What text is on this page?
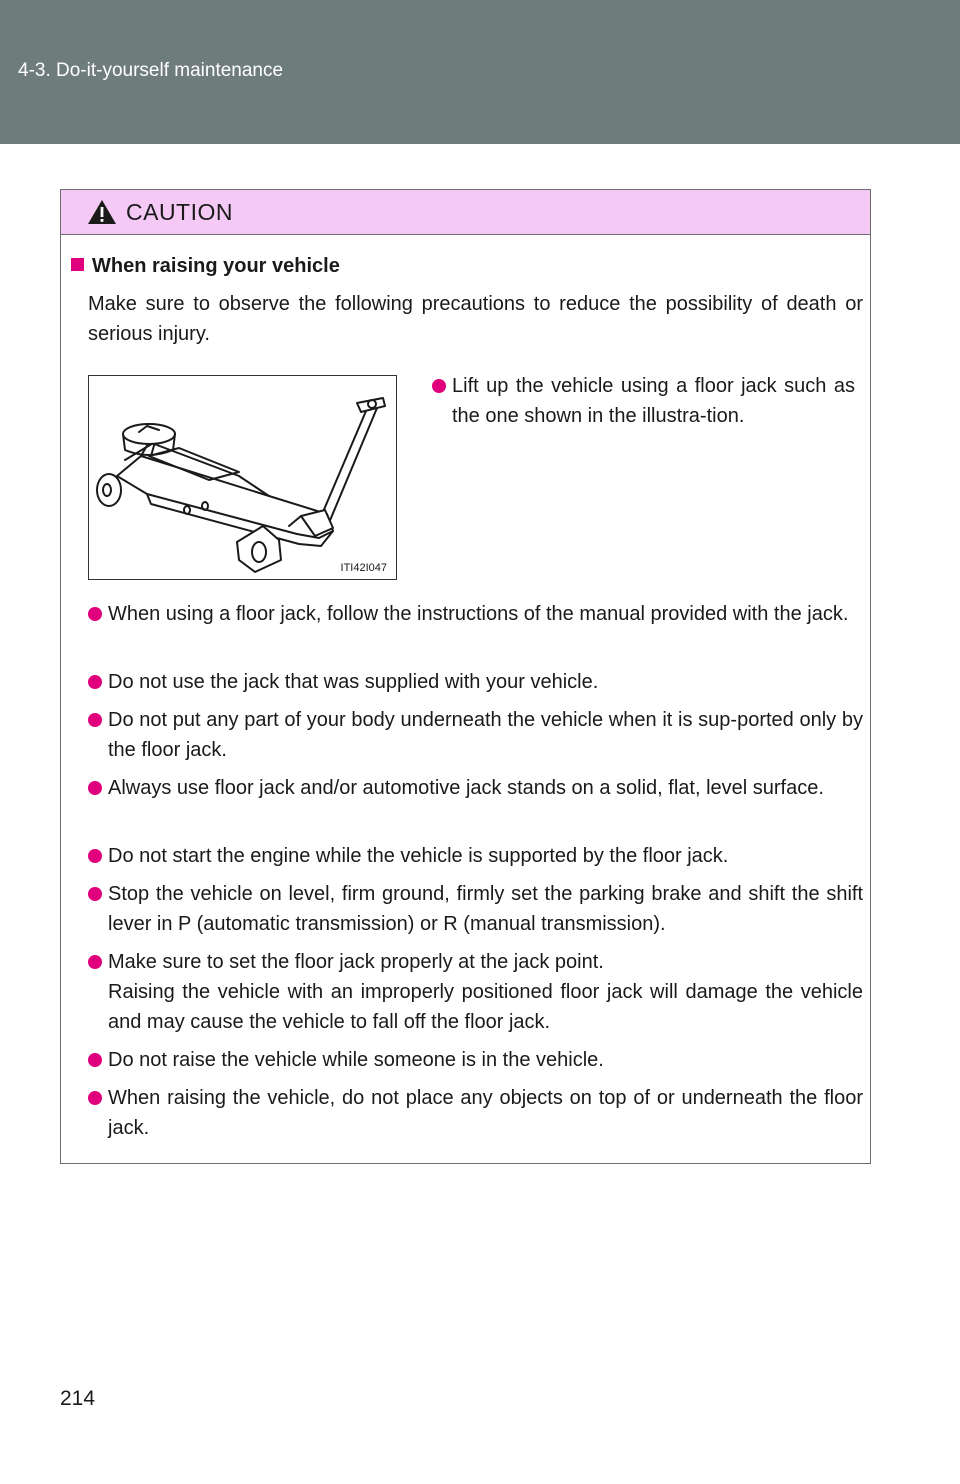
4-3. Do-it-yourself maintenance
CAUTION
When raising your vehicle
Make sure to observe the following precautions to reduce the possibility of death or serious injury.
ITI42I047
Lift up the vehicle using a floor jack such as the one shown in the illustra-tion.
When using a floor jack, follow the instructions of the manual provided with the jack.
Do not use the jack that was supplied with your vehicle.
Do not put any part of your body underneath the vehicle when it is sup-ported only by the floor jack.
Always use floor jack and/or automotive jack stands on a solid, flat, level surface.
Do not start the engine while the vehicle is supported by the floor jack.
Stop the vehicle on level, firm ground, firmly set the parking brake and shift the shift lever in P (automatic transmission) or R (manual transmission).
Make sure to set the floor jack properly at the jack point.
Raising the vehicle with an improperly positioned floor jack will damage the vehicle and may cause the vehicle to fall off the floor jack.
Do not raise the vehicle while someone is in the vehicle.
When raising the vehicle, do not place any objects on top of or underneath the floor jack.
214
